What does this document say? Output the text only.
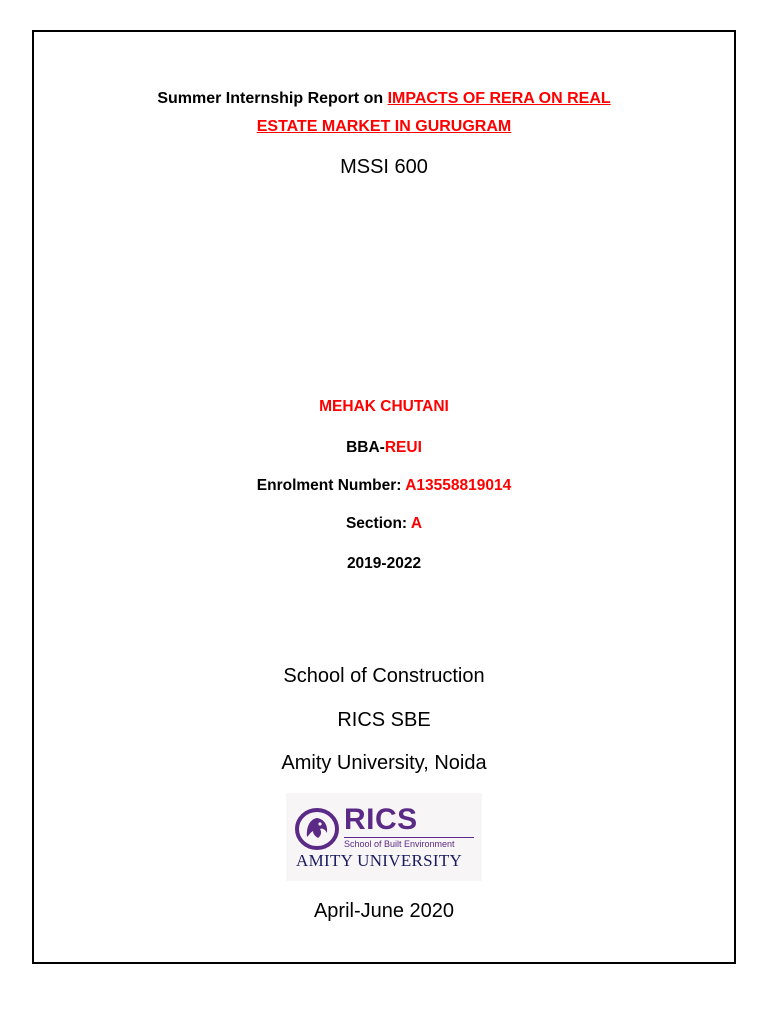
Summer Internship Report on IMPACTS OF RERA ON REAL
ESTATE MARKET IN GURUGRAM
MSSI 600
MEHAK CHUTANI
BBA-REUI
Enrolment Number: A13558819014
Section: A
2019-2022
School of Construction
RICS SBE
Amity University, Noida
RICS
School of Built Environment
AMITY UNIVERSITY
April-June 2020
